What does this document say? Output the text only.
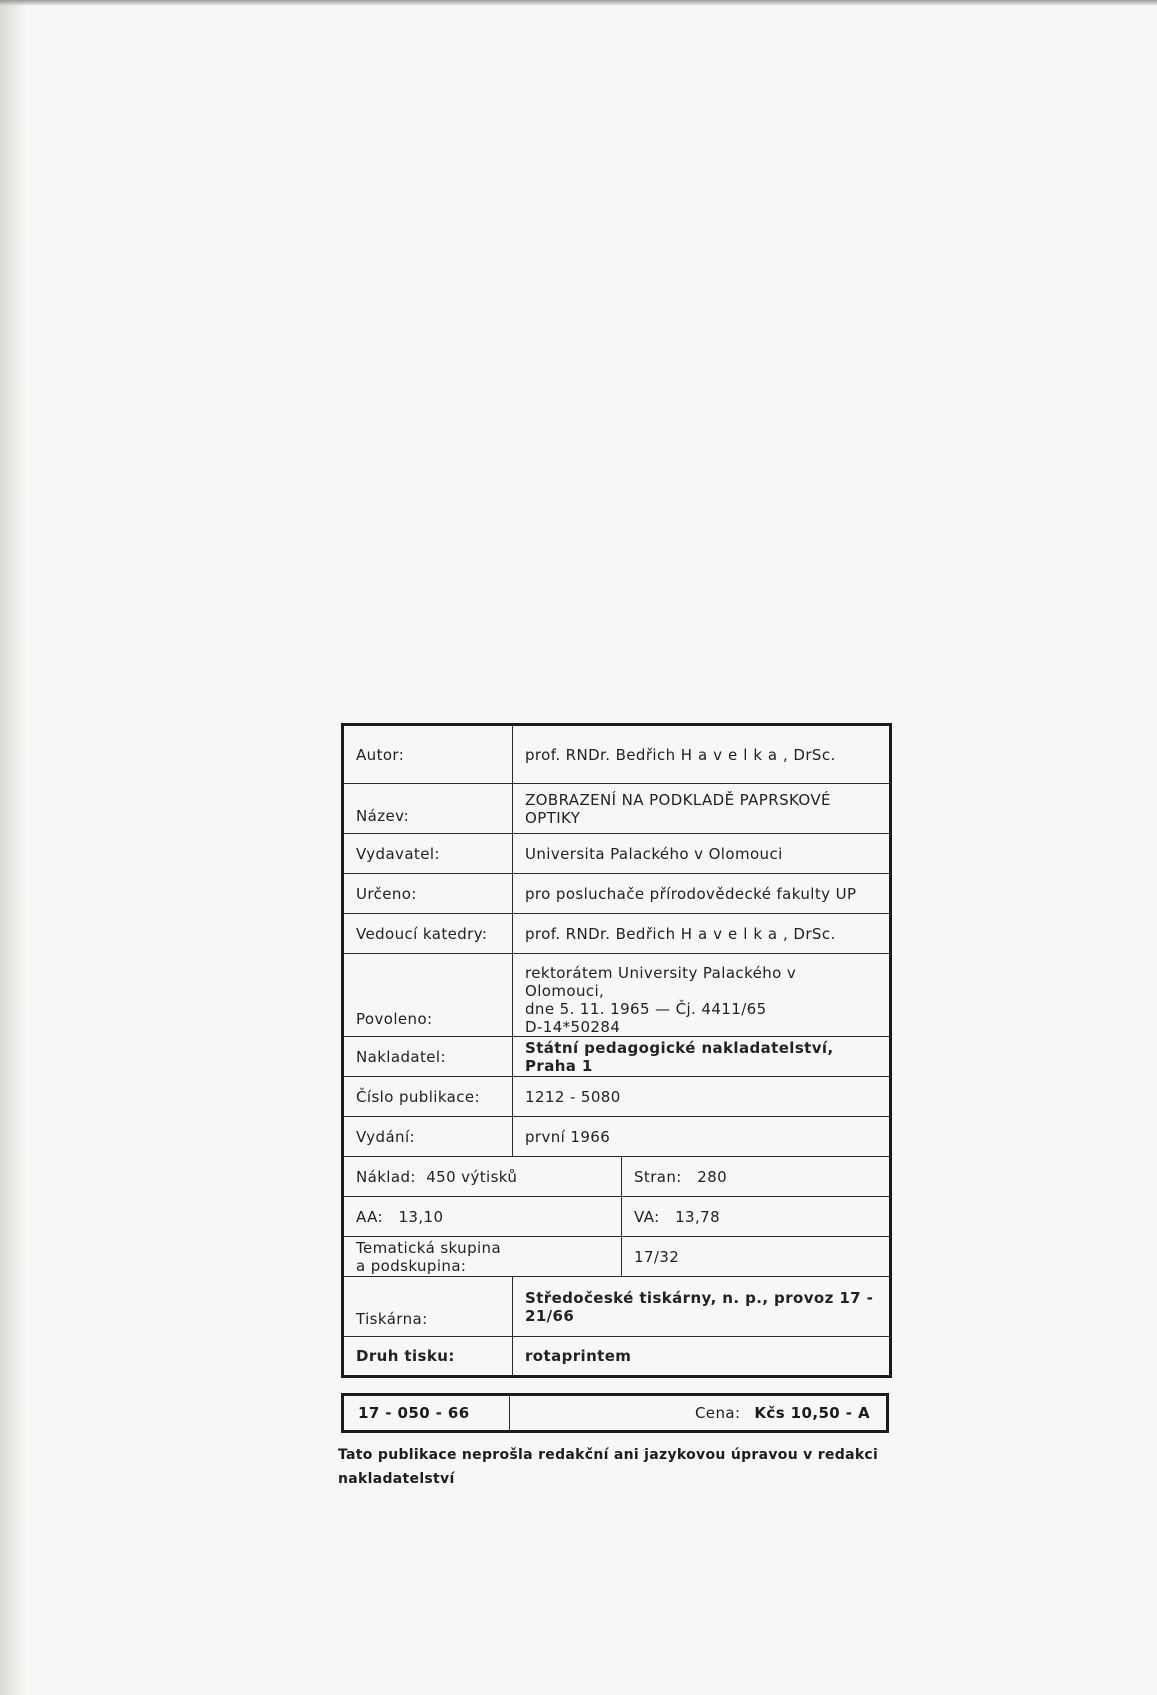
Autor:	prof. RNDr. Bedřich Havelka, DrSc.	
Název:	ZOBRAZENÍ NA PODKLADĚ PAPRSKOVÉ
OPTIKY	

Vydavatel:	Universita Palackého v Olomouci	
Určeno:	pro posluchače přírodovědecké fakulty UP	
Vedoucí katedry:	prof. RNDr. Bedřich Havelka, DrSc.	
Povoleno:	rektorátem University Palackého v Olomouci,
dne 5. 11. 1965 — Čj. 4411/65
D-14*50284	

Nakladatel:	Státní pedagogické nakladatelství, Praha 1	
Číslo publikace:	1212 - 5080	
Vydání:	první 1966	
Náklad: 450 výtisků		Stran: 280
AA: 13,10		VA: 13,78

Tematická skupina
a podskupina:		17/32
Tiskárna:	Středočeské tiskárny, n. p., provoz 17 -
21/66	

Druh tisku:	rotaprintem	
17 - 050 - 66	Cena: Kčs 10,50 - A
Tato publikace neprošla redakční ani jazykovou úpravou v redakci
nakladatelství
